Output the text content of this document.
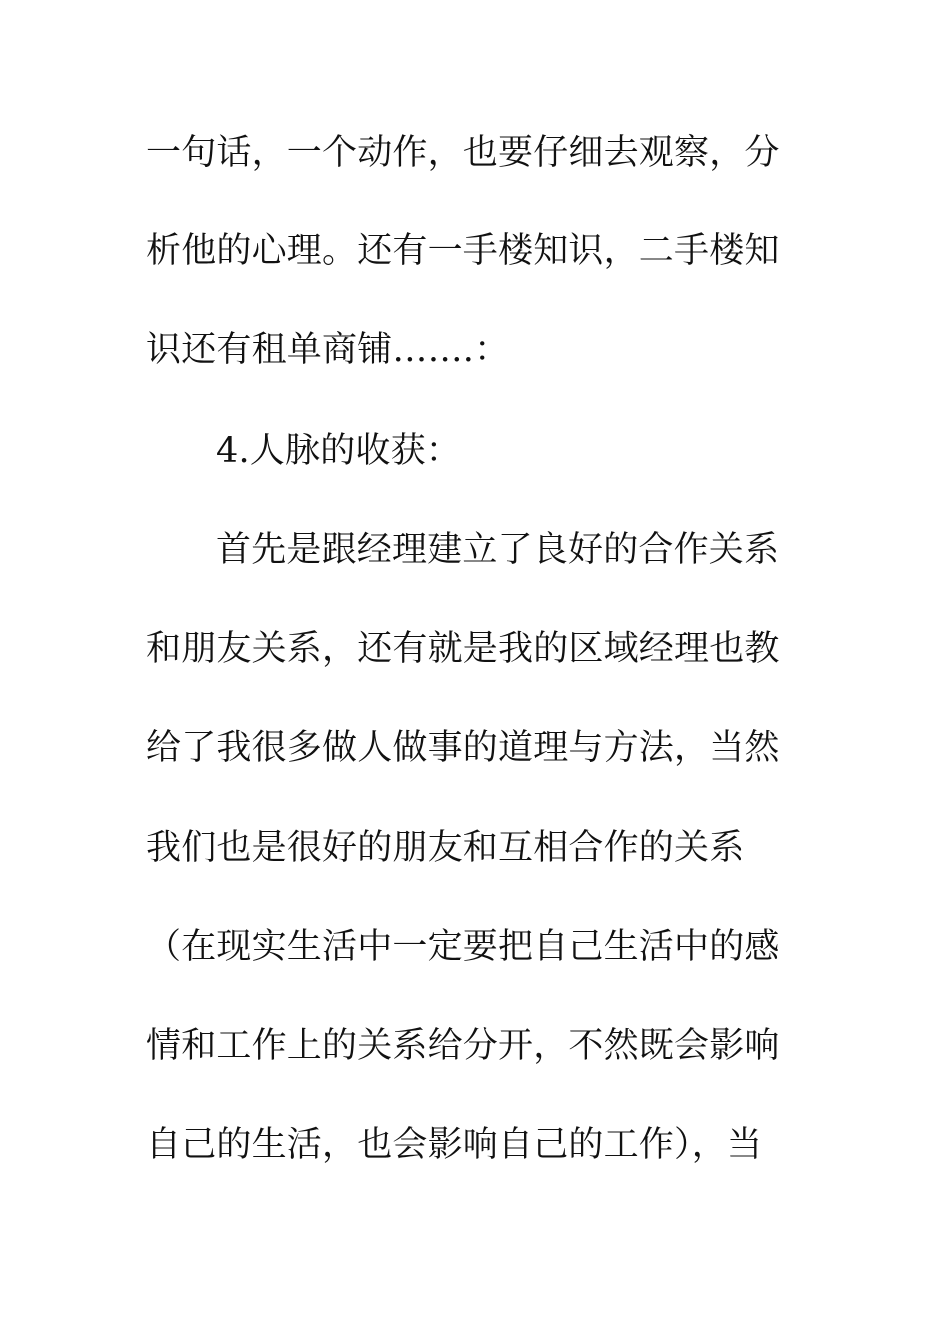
一句话，一个动作，也要仔细去观察，分

析他的心理。还有一手楼知识，二手楼知

识还有租单商铺…….：

4.人脉的收获：

首先是跟经理建立了良好的合作关系

和朋友关系，还有就是我的区域经理也教

给了我很多做人做事的道理与方法，当然

我们也是很好的朋友和互相合作的关系

（在现实生活中一定要把自己生活中的感

情和工作上的关系给分开，不然既会影响

自己的生活，也会影响自己的工作），当
